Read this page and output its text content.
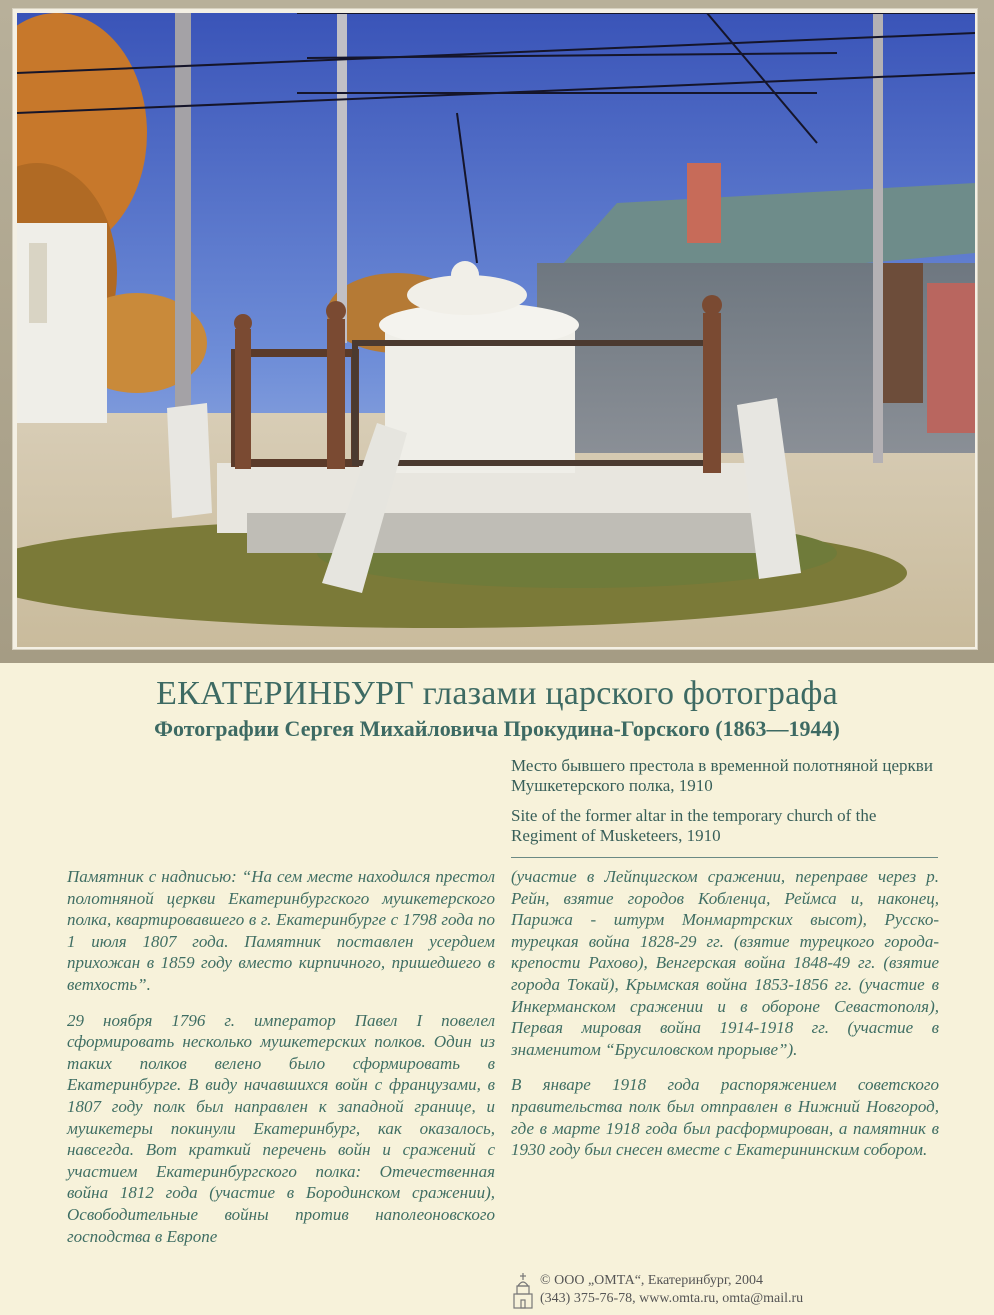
ЕКАТЕРИНБУРГ глазами царского фотографа
Фотографии Сергея Михайловича Прокудина-Горского (1863—1944)

Место бывшего престола в временной полотняной церкви Мушкетерского полка, 1910

Site of the former altar in the temporary church of the Regiment of Musketeers, 1910

Памятник с надписью: “На сем месте находился престол полотняной церкви Екатеринбургского мушкетерского полка, квартировавшего в г. Екатеринбурге с 1798 года по 1 июля 1807 года. Памятник поставлен усердием прихожан в 1859 году вместо кирпичного, пришедшего в ветхость”.

29 ноября 1796 г. император Павел I повелел сформировать несколько мушкетерских полков. Один из таких полков велено было сформировать в Екатеринбурге. В виду начавшихся войн с французами, в 1807 году полк был направлен к западной границе, и мушкетеры покинули Екатеринбург, как оказалось, навсегда. Вот краткий перечень войн и сражений с участием Екатеринбургского полка: Отечественная война 1812 года (участие в Бородинском сражении), Освободительные войны против наполеоновского господства в Европе

(участие в Лейпцигском сражении, переправе через р. Рейн, взятие городов Кобленца, Реймса и, наконец, Парижа - штурм Монмартрских высот), Русско-турецкая война 1828-29 гг. (взятие турецкого города-крепости Рахово), Венгерская война 1848-49 гг. (взятие города Токай), Крымская война 1853-1856 гг. (участие в Инкерманском сражении и в обороне Севастополя), Первая мировая война 1914-1918 гг. (участие в знаменитом “Брусиловском прорыве”).

В январе 1918 года распоряжением советского правительства полк был отправлен в Нижний Новгород, где в марте 1918 года был расформирован, а памятник в 1930 году был снесен вместе с Екатерининским собором.

© ООО „ОМТА“, Екатеринбург, 2004
(343) 375-76-78, www.omta.ru, omta@mail.ru
